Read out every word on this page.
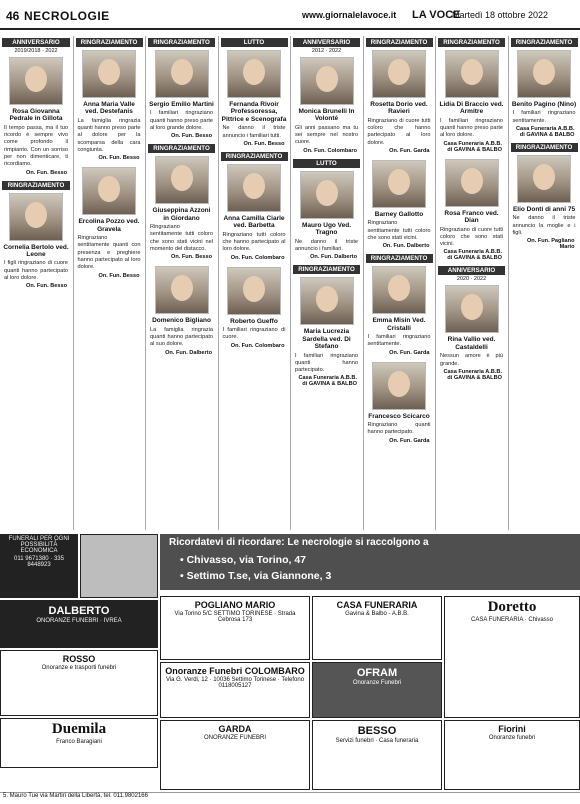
46 NECROLOGIE	www.giornalelavoce.it LA VOCE
Martedì 18 ottobre 2022
ANNIVERSARIO
2019/2018 · 2022
Rosa Giovanna Pedrale in Gillota
Il tempo passa, ma il tuo ricordo è sempre vivo come profondo il rimpianto. Con un sorriso per non dimenticare, ti ricordiamo.
On. Fun. Besso
RINGRAZIAMENTO
Cornelia Bertolo ved. Leone
I figli ringraziano di cuore quanti hanno partecipato al loro dolore.
On. Fun. Besso
RINGRAZIAMENTO
Anna Maria Valle ved. Destefanis
La famiglia ringrazia quanti hanno preso parte al dolore per la scomparsa della cara congiunta.
On. Fun. Besso
Ercolina Pozzo ved. Gravela
Ringraziano sentitamente quanti con presenza e preghiere hanno partecipato al loro dolore.
On. Fun. Besso
RINGRAZIAMENTO
Sergio Emilio Martini
I familiari ringraziano quanti hanno preso parte al loro grande dolore.
On. Fun. Besso
RINGRAZIAMENTO
Giuseppina Azzoni in Giordano
Ringraziano sentitamente tutti coloro che sono stati vicini nel momento del distacco.
On. Fun. Besso
Domenico Bigliano
La famiglia ringrazia quanti hanno partecipato al suo dolore.
On. Fun. Dalberto
LUTTO
Fernanda Rivoir Professoressa, Pittrice e Scenografa
Ne danno il triste annuncio i familiari tutti.
On. Fun. Besso
RINGRAZIAMENTO
Anna Camilla Ciarle ved. Barbetta
Ringraziano tutti coloro che hanno partecipato al loro dolore.
On. Fun. Colombaro
Roberto Gueffo
I familiari ringraziano di cuore.
On. Fun. Colombaro
ANNIVERSARIO
2012 · 2022
Monica Brunelli In Volonté
Gli anni passano ma tu sei sempre nel nostro cuore.
On. Fun. Colombaro
LUTTO
Mauro Ugo Ved. Tragno
Ne danno il triste annuncio i familiari.
On. Fun. Dalberto
RINGRAZIAMENTO
Maria Lucrezia Sardella ved. Di Stefano
I familiari ringraziano quanti hanno partecipato.
Casa Funeraria A.B.B. di GAVINA & BALBO
RINGRAZIAMENTO
Rosetta Dorio ved. Ravieri
Ringraziano di cuore tutti coloro che hanno partecipato al loro dolore.
On. Fun. Garda
Barney Gallotto
Ringraziano sentitamente tutti coloro che sono stati vicini.
On. Fun. Dalberto
RINGRAZIAMENTO
Emma Misin Ved. Cristalli
I familiari ringraziano sentitamente.
On. Fun. Garda
Francesco Scicarco
Ringraziano quanti hanno partecipato.
On. Fun. Garda
RINGRAZIAMENTO
Lidia Di Braccio ved. Armitre
I familiari ringraziano quanti hanno preso parte al loro dolore.
Casa Funeraria A.B.B. di GAVINA & BALBO
Rosa Franco ved. Dian
Ringraziano di cuore tutti coloro che sono stati vicini.
Casa Funeraria A.B.B. di GAVINA & BALBO
ANNIVERSARIO
2020 · 2022
Rina Vallio ved. Castaldelli
Nessun amore è più grande.
Casa Funeraria A.B.B. di GAVINA & BALBO
RINGRAZIAMENTO
Benito Pagino (Nino)
I familiari ringraziano sentitamente.
Casa Funeraria A.B.B. di GAVINA & BALBO
RINGRAZIAMENTO
Elio Donti di anni 75
Ne danno il triste annuncio la moglie e i figli.
On. Fun. Pagliano Mario
Ricordatevi di ricordare: Le necrologie si raccolgono a
• Chivasso, via Torino, 47
• Settimo T.se, via Giannone, 3
FUNERALI PER OGNI POSSIBILITÀ ECONOMICA
011 9671380 · 335 8448923
POGLIANO MARIO
Via Torino 5/C SETTIMO TORINESE · Strada Cebrosa 173
CASA FUNERARIA
Gavina & Balbo - A.B.B.
DALBERTO
ONORANZE FUNEBRI · IVREA
OFRAM
Onoranze Funebri
Doretto
CASA FUNERARIA · Chivasso
ROSSO
Onoranze e trasporti funebri	Onoranze Funebri COLOMBARO
Via G. Verdi, 12 · 10036 Settimo Torinese · Telefono 0118005127
Duemila
Franco Baragiani
GARDA
ONORANZE FUNEBRI
BESSO
Servizi funebri · Casa funeraria
Fiorini
Onoranze funebri
5. Mauro Tue via Martiri della Libertà, tel. 011.9802166
